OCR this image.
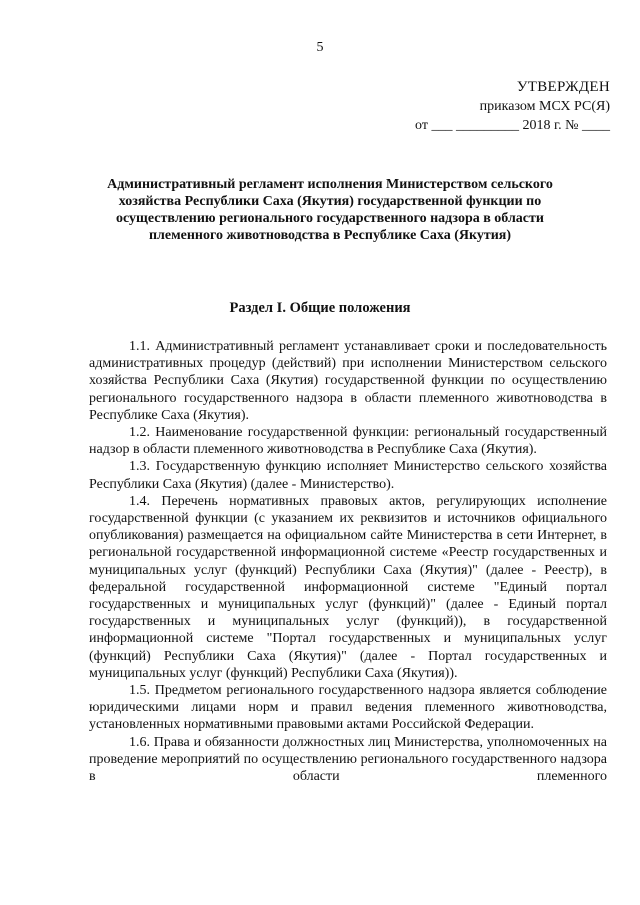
5
УТВЕРЖДЕН
приказом МСХ РС(Я)
от ___ _________ 2018 г. № ____
Административный регламент исполнения Министерством сельского хозяйства Республики Саха (Якутия) государственной функции по осуществлению регионального государственного надзора в области племенного животноводства в Республике Саха (Якутия)
Раздел I. Общие положения

1.1. Административный регламент устанавливает сроки и последовательность административных процедур (действий) при исполнении Министерством сельского хозяйства Республики Саха (Якутия) государственной функции по осуществлению регионального государственного надзора в области племенного животноводства в Республике Саха (Якутия).

1.2. Наименование государственной функции: региональный государственный надзор в области племенного животноводства в Республике Саха (Якутия).

1.3. Государственную функцию исполняет Министерство сельского хозяйства Республики Саха (Якутия) (далее - Министерство).

1.4. Перечень нормативных правовых актов, регулирующих исполнение государственной функции (с указанием их реквизитов и источников официального опубликования) размещается на официальном сайте Министерства в сети Интернет, в региональной государственной информационной системе «Реестр государственных и муниципальных услуг (функций) Республики Саха (Якутия)" (далее - Реестр), в федеральной государственной информационной системе "Единый портал государственных и муниципальных услуг (функций)" (далее - Единый портал государственных и муниципальных услуг (функций)), в государственной информационной системе "Портал государственных и муниципальных услуг (функций) Республики Саха (Якутия)" (далее - Портал государственных и муниципальных услуг (функций) Республики Саха (Якутия)).

1.5. Предметом регионального государственного надзора является соблюдение юридическими лицами норм и правил ведения племенного животноводства, установленных нормативными правовыми актами Российской Федерации.

1.6. Права и обязанности должностных лиц Министерства, уполномоченных на проведение мероприятий по осуществлению регионального государственного надзора в области племенного
